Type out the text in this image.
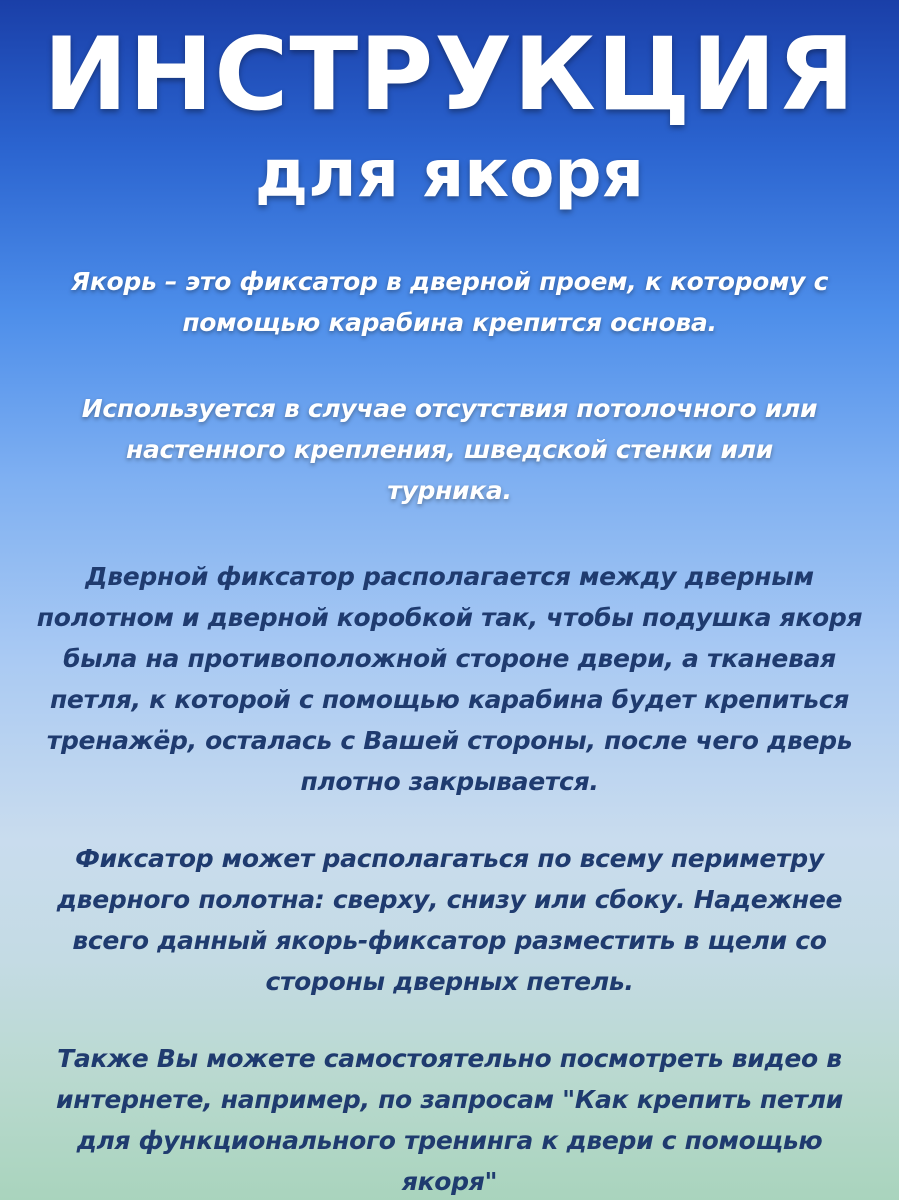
ИНСТРУКЦИЯ
для якоря

Якорь – это фиксатор в дверной проем, к которому с
помощью карабина крепится основа.

Используется в случае отсутствия потолочного или
настенного крепления, шведской стенки или
турника.

Дверной фиксатор располагается между дверным
полотном и дверной коробкой так, чтобы подушка якоря
была на противоположной стороне двери, а тканевая
петля, к которой с помощью карабина будет крепиться
тренажёр, осталась с Вашей стороны, после чего дверь
плотно закрывается.

Фиксатор может располагаться по всему периметру
дверного полотна: сверху, снизу или сбоку. Надежнее
всего данный якорь-фиксатор разместить в щели со
стороны дверных петель.

Также Вы можете самостоятельно посмотреть видео в
интернете, например, по запросам "Как крепить петли
для функционального тренинга к двери с помощью
якоря"
